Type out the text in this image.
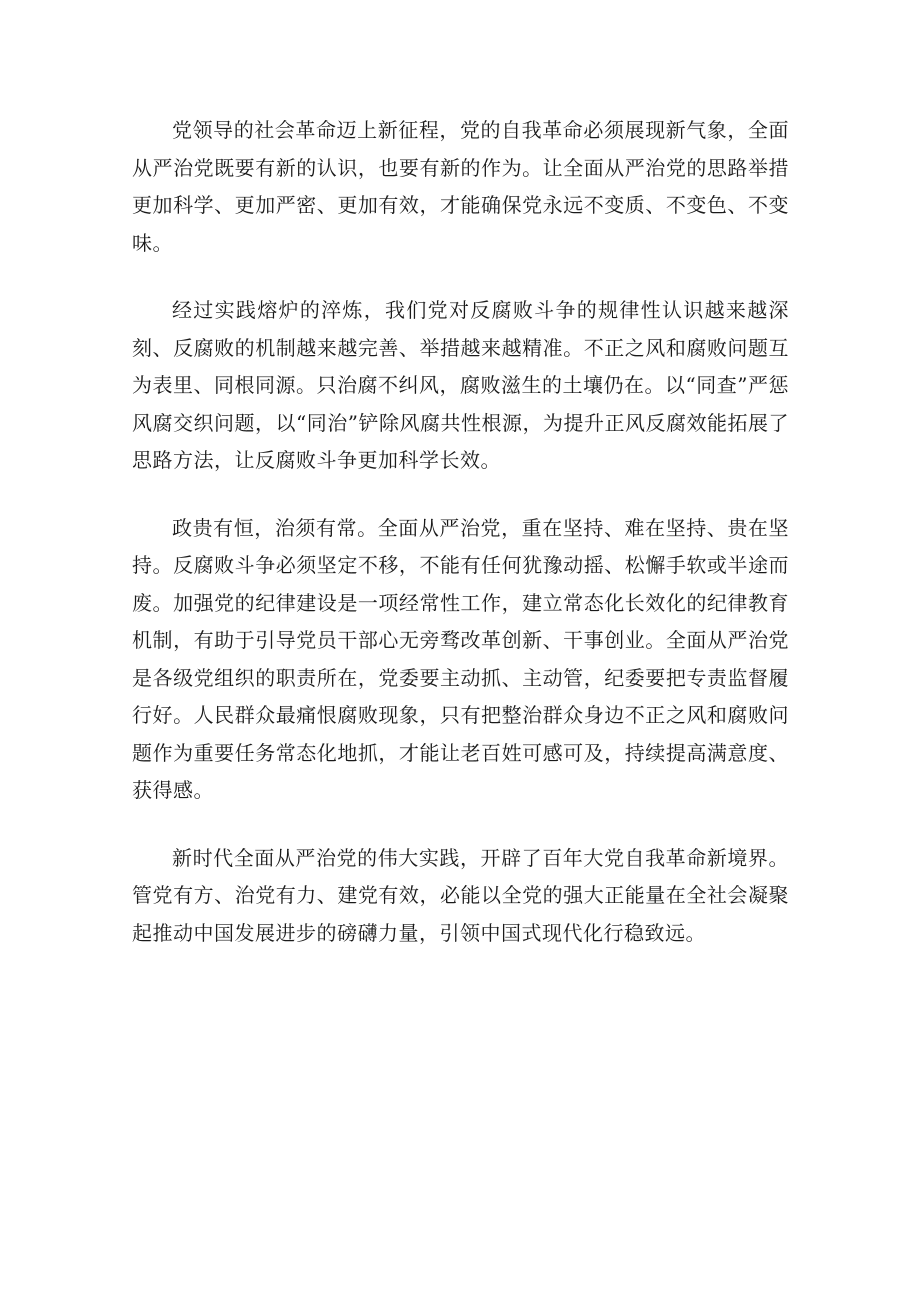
党领导的社会革命迈上新征程，党的自我革命必须展现新气象，全面从严治党既要有新的认识，也要有新的作为。让全面从严治党的思路举措更加科学、更加严密、更加有效，才能确保党永远不变质、不变色、不变味。

经过实践熔炉的淬炼，我们党对反腐败斗争的规律性认识越来越深刻、反腐败的机制越来越完善、举措越来越精准。不正之风和腐败问题互为表里、同根同源。只治腐不纠风，腐败滋生的土壤仍在。以“同查”严惩风腐交织问题，以“同治”铲除风腐共性根源，为提升正风反腐效能拓展了思路方法，让反腐败斗争更加科学长效。

政贵有恒，治须有常。全面从严治党，重在坚持、难在坚持、贵在坚持。反腐败斗争必须坚定不移，不能有任何犹豫动摇、松懈手软或半途而废。加强党的纪律建设是一项经常性工作，建立常态化长效化的纪律教育机制，有助于引导党员干部心无旁骛改革创新、干事创业。全面从严治党是各级党组织的职责所在，党委要主动抓、主动管，纪委要把专责监督履行好。人民群众最痛恨腐败现象，只有把整治群众身边不正之风和腐败问题作为重要任务常态化地抓，才能让老百姓可感可及，持续提高满意度、获得感。

新时代全面从严治党的伟大实践，开辟了百年大党自我革命新境界。管党有方、治党有力、建党有效，必能以全党的强大正能量在全社会凝聚起推动中国发展进步的磅礴力量，引领中国式现代化行稳致远。
